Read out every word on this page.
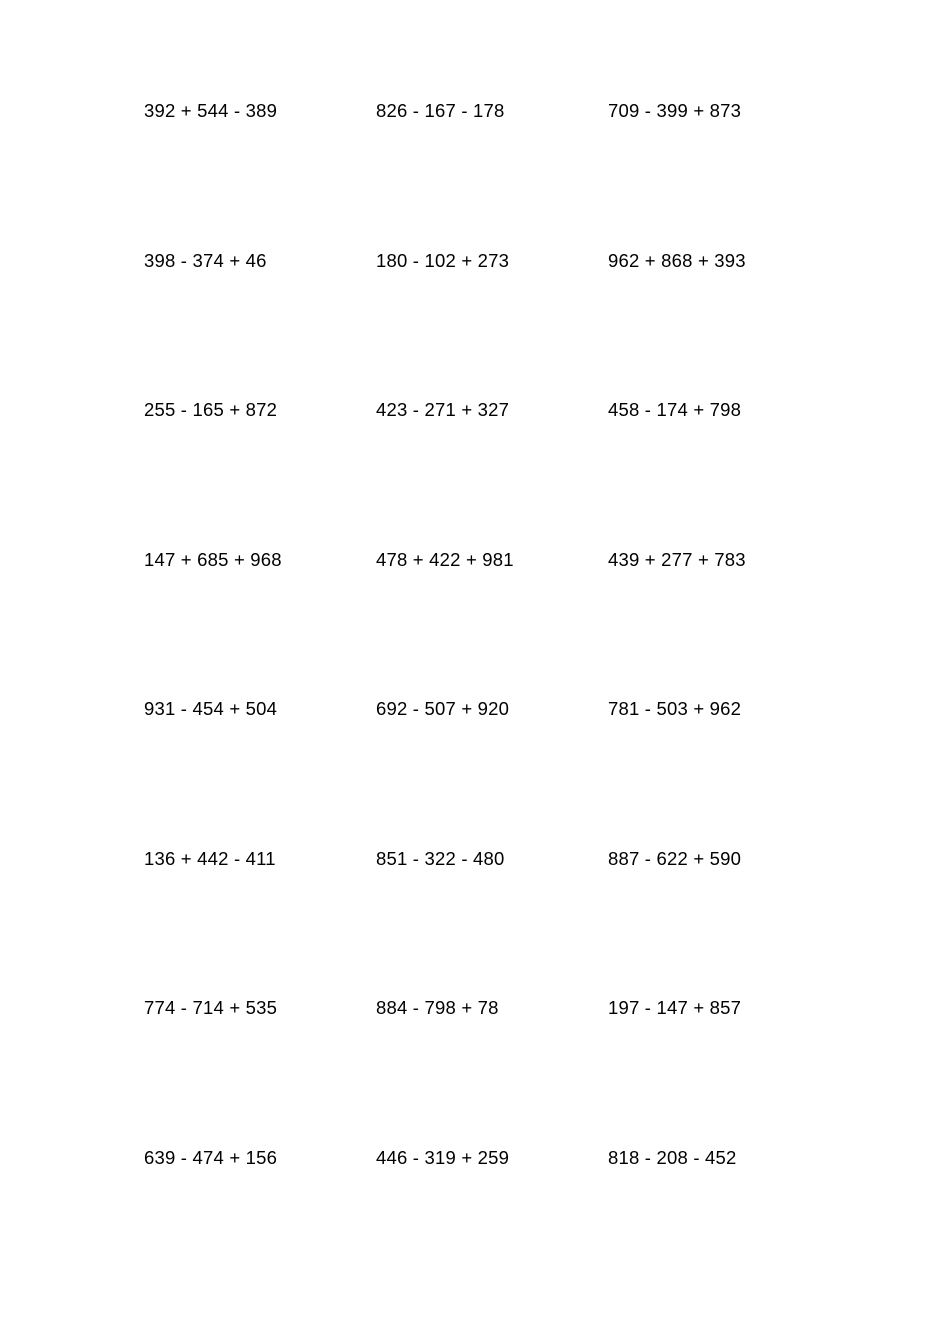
392 + 544 - 389	826 - 167 - 178	709 - 399 + 873
398 - 374 + 46	180 - 102 + 273	962 + 868 + 393
255 - 165 + 872	423 - 271 + 327	458 - 174 + 798
147 + 685 + 968	478 + 422 + 981	439 + 277 + 783
931 - 454 + 504	692 - 507 + 920	781 - 503 + 962
136 + 442 - 411	851 - 322 - 480	887 - 622 + 590
774 - 714 + 535	884 - 798 + 78	197 - 147 + 857
639 - 474 + 156	446 - 319 + 259	818 - 208 - 452
